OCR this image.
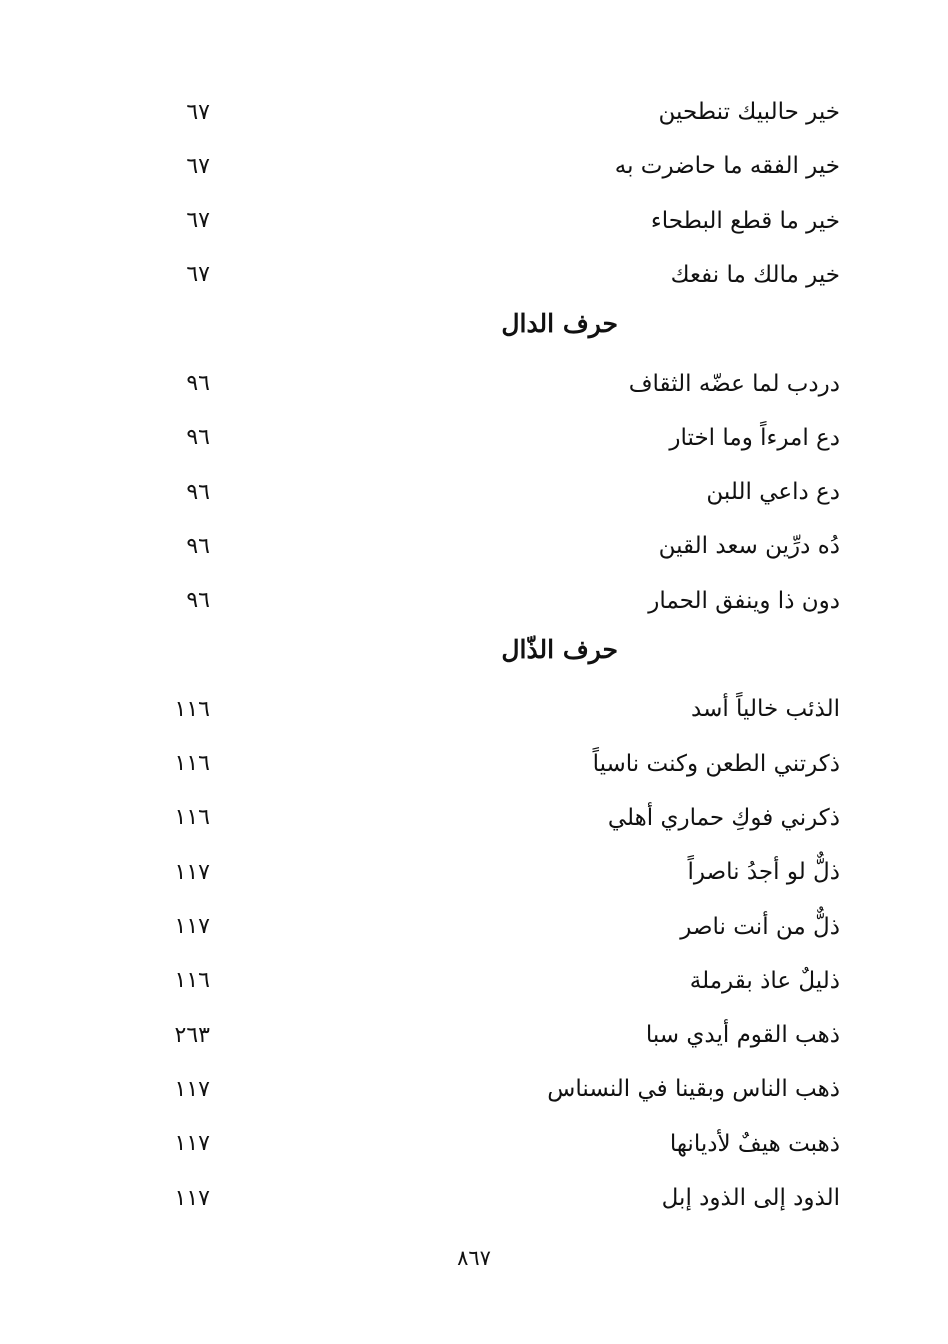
خير حالبيك تنطحين
٦٧
خير الفقه ما حاضرت به
٦٧
خير ما قطع البطحاء
٦٧
خير مالك ما نفعك
٦٧
حرف الدال
دردب لما عضّه الثقاف
٩٦
دع امرءاً وما اختار
٩٦
دع داعي اللبن
٩٦
دُه درِّين سعد القين
٩٦
دون ذا وينفق الحمار
٩٦
حرف الذّال
الذئب خالياً أسد
١١٦
ذكرتني الطعن وكنت ناسياً
١١٦
ذكرني فوكِ حماري أهلي
١١٦
ذلٌّ لو أجدُ ناصراً
١١٧
ذلٌّ من أنت ناصر
١١٧
ذليلٌ عاذ بقرملة
١١٦
ذهب القوم أيدي سبا
٢٦٣
ذهب الناس وبقينا في النسناس
١١٧
ذهبت هيفٌ لأديانها
١١٧
الذود إلى الذود إبل
١١٧
٨٦٧
